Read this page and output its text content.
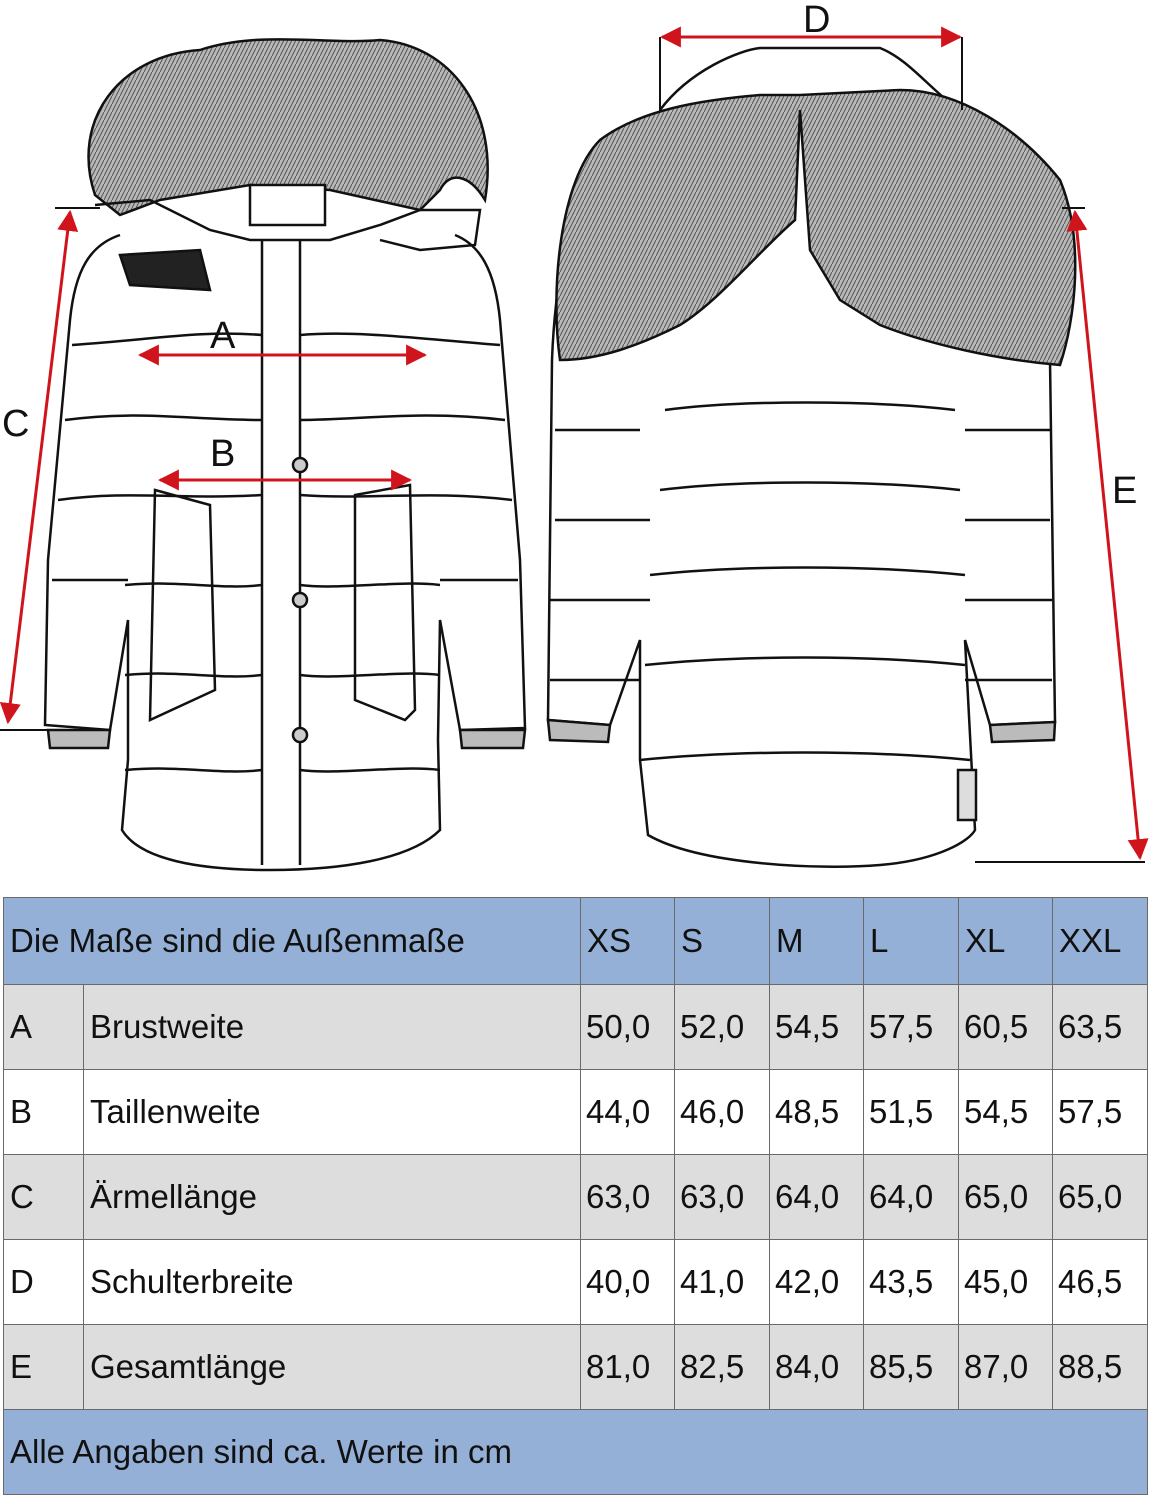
A
B
C
D
E
Die Maße sind die Außenmaße		XS	S	M	L	XL	XXL
A	Brustweite	50,0	52,0	54,5	57,5	60,5	63,5
B	Taillenweite	44,0	46,0	48,5	51,5	54,5	57,5
C	Ärmellänge	63,0	63,0	64,0	64,0	65,0	65,0
D	Schulterbreite	40,0	41,0	42,0	43,5	45,0	46,5
E	Gesamtlänge	81,0	82,5	84,0	85,5	87,0	88,5
Alle Angaben sind ca. Werte in cm							
